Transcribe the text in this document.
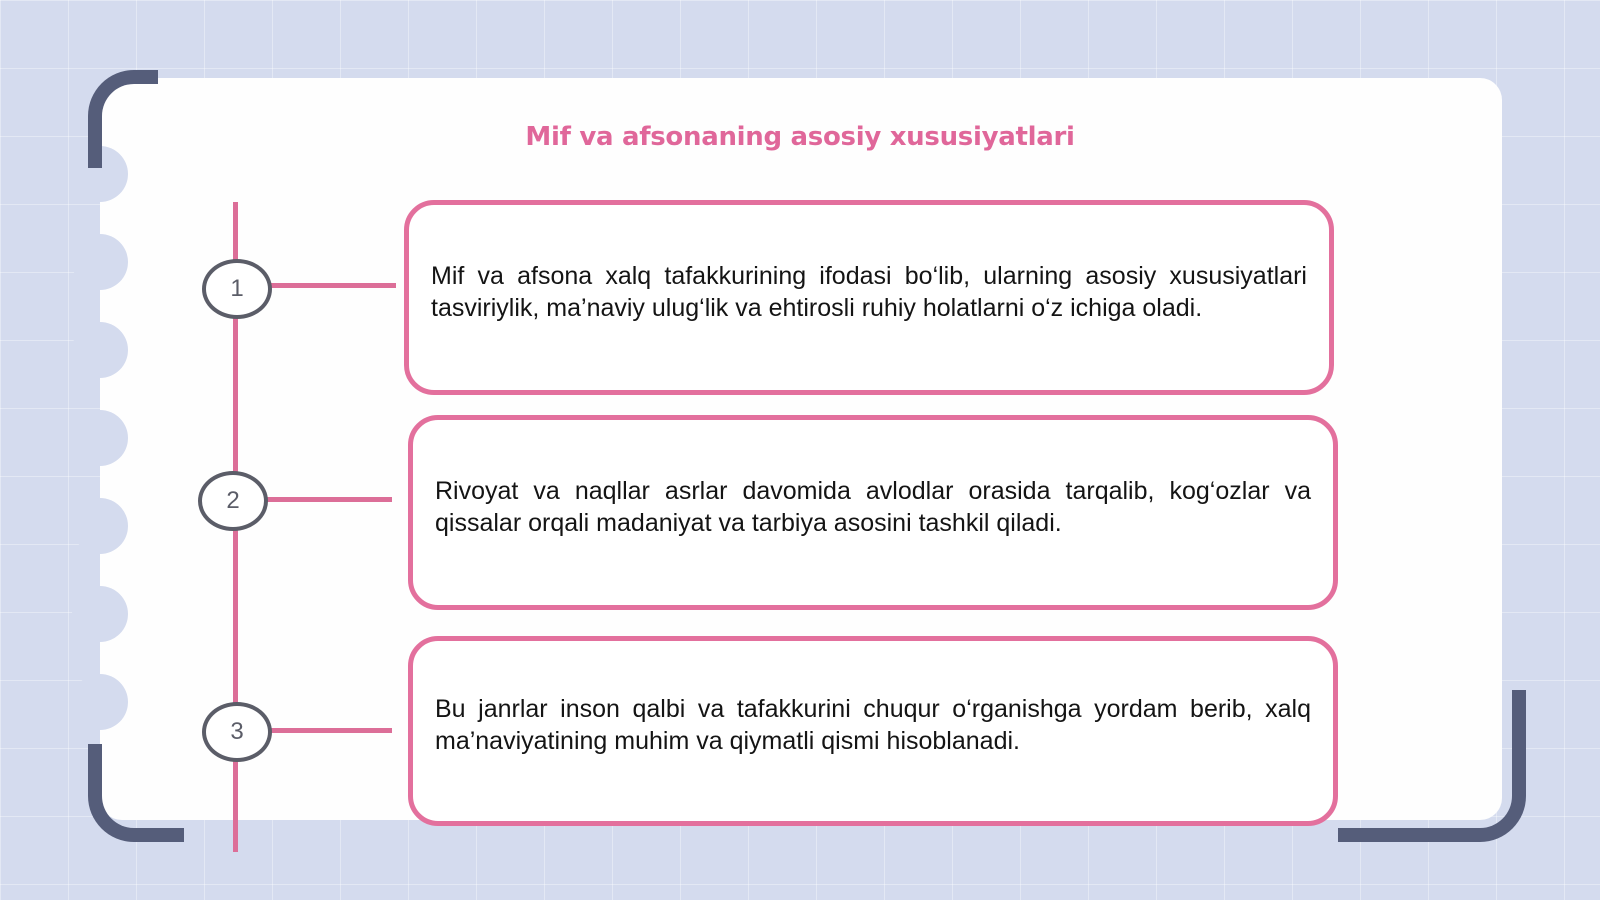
Mif va afsonaning asosiy xususiyatlari
1
2
3

Mif va afsona xalq tafakkurining ifodasi bo‘lib, ularning asosiy xususiyatlari tasviriylik, ma’naviy ulug‘lik va ehtirosli ruhiy holatlarni o‘z ichiga oladi.

Rivoyat va naqllar asrlar davomida avlodlar orasida tarqalib, kog‘ozlar va qissalar orqali madaniyat va tarbiya asosini tashkil qiladi.

Bu janrlar inson qalbi va tafakkurini chuqur o‘rganishga yordam berib, xalq ma’naviyatining muhim va qiymatli qismi hisoblanadi.
